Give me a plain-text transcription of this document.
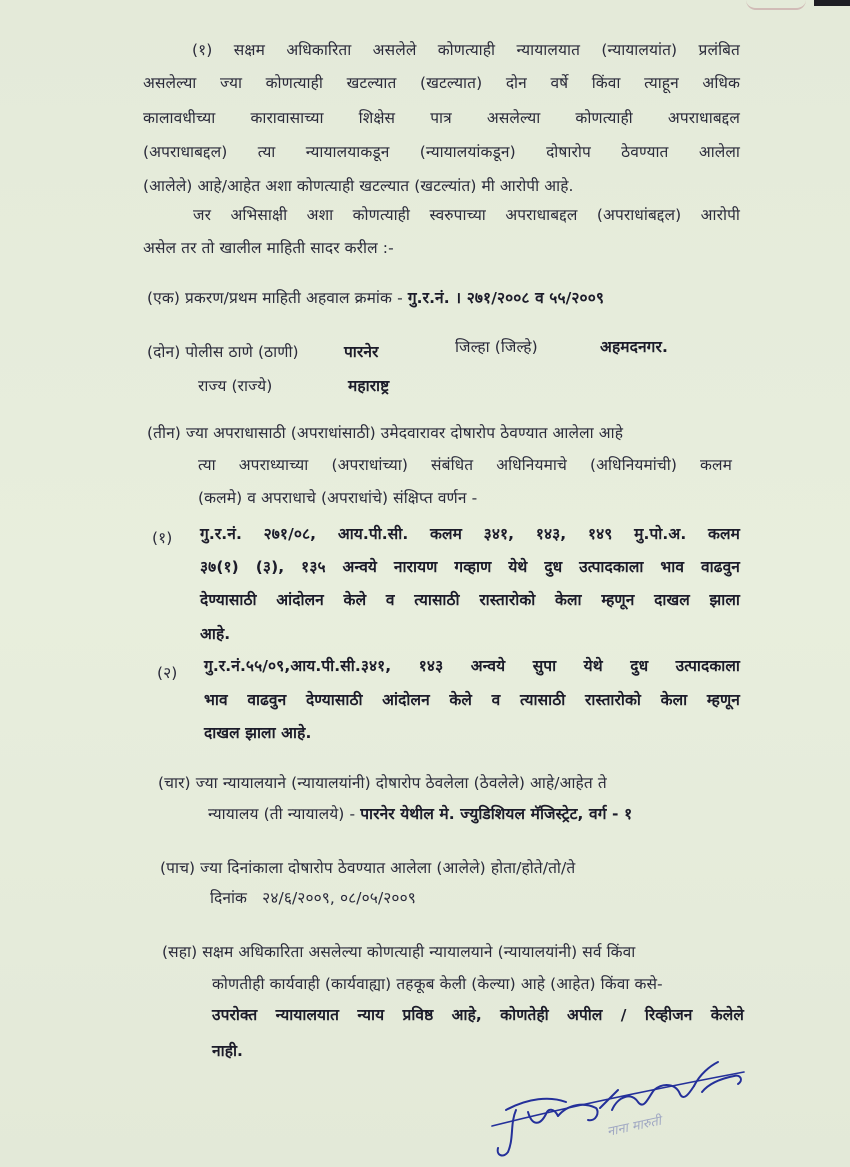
(१) सक्षम अधिकारिता असलेले कोणत्याही न्यायालयात (न्यायालयांत) प्रलंबित
असलेल्या ज्या कोणत्याही खटल्यात (खटल्यात) दोन वर्षे किंवा त्याहून अधिक
कालावधीच्या कारावासाच्या शिक्षेस पात्र असलेल्या कोणत्याही अपराधाबद्दल
(अपराधाबद्दल) त्या न्यायालयाकडून (न्यायालयांकडून) दोषारोप ठेवण्यात आलेला
(आलेले) आहे/आहेत अशा कोणत्याही खटल्यात (खटल्यांत) मी आरोपी आहे.
जर अभिसाक्षी अशा कोणत्याही स्वरुपाच्या अपराधाबद्दल (अपराधांबद्दल) आरोपी
असेल तर तो खालील माहिती सादर करील :-
(एक) प्रकरण/प्रथम माहिती अहवाल क्रमांक - गु.र.नं. । २७१/२००८ व ५५/२००९
(दोन) पोलीस ठाणे (ठाणी)	पारनेर	जिल्हा (जिल्हे)	अहमदनगर.
राज्य (राज्ये)	महाराष्ट्र
(तीन) ज्या अपराधासाठी (अपराधांसाठी) उमेदवारावर दोषारोप ठेवण्यात आलेला आहे
त्या अपराध्याच्या (अपराधांच्या) संबंधित अधिनियमाचे (अधिनियमांची) कलम
(कलमे) व अपराधाचे (अपराधांचे) संक्षिप्त वर्णन -
(१) गु.र.नं. २७१/०८, आय.पी.सी. कलम ३४१, १४३, १४९ मु.पो.अ. कलम
३७(१) (३), १३५ अन्वये नारायण गव्हाण येथे दुध उत्पादकाला भाव वाढवुन
देण्यासाठी आंदोलन केले व त्यासाठी रास्तारोको केला म्हणून दाखल झाला
आहे.
(२) गु.र.नं.५५/०९,आय.पी.सी.३४१, १४३ अन्वये सुपा येथे दुध उत्पादकाला
भाव वाढवुन देण्यासाठी आंदोलन केले व त्यासाठी रास्तारोको केला म्हणून
दाखल झाला आहे.
(चार) ज्या न्यायालयाने (न्यायालयांनी) दोषारोप ठेवलेला (ठेवलेले) आहे/आहेत ते
न्यायालय (ती न्यायालये) - पारनेर येथील मे. ज्युडिशियल मॅजिस्ट्रेट, वर्ग - १
(पाच) ज्या दिनांकाला दोषारोप ठेवण्यात आलेला (आलेले) होता/होते/तो/ते
दिनांक २४/६/२००९, ०८/०५/२००९
(सहा) सक्षम अधिकारिता असलेल्या कोणत्याही न्यायालयाने (न्यायालयांनी) सर्व किंवा
कोणतीही कार्यवाही (कार्यवाह्या) तहकूब केली (केल्या) आहे (आहेत) किंवा कसे-
उपरोक्त न्यायालयात न्याय प्रविष्ठ आहे, कोणतेही अपील / रिव्हीजन केलेले
नाही.
नाना मारुती
